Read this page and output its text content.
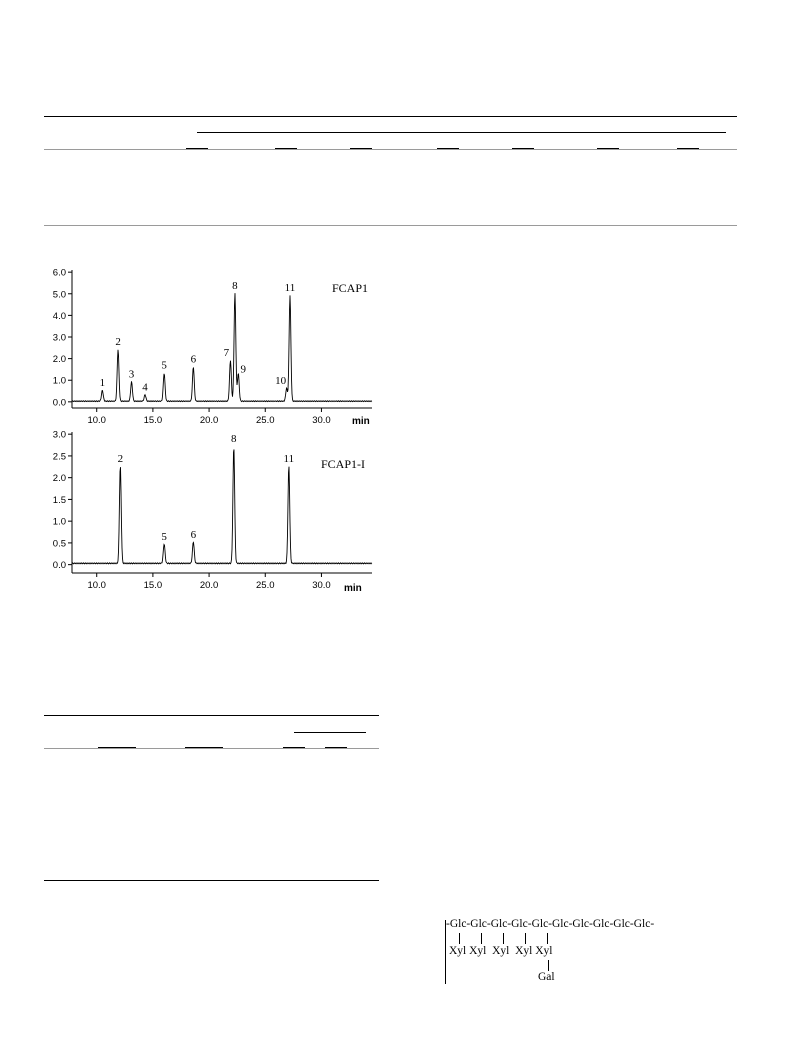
6.0
5.0
4.0
3.0
2.0
1.0
0.0
10.0	15.0	20.0	25.0	30.0
1
2
3
4
5
6
7
8
9
10
11	FCAP1
min
3.0
2.5
2.0
1.5
1.0
0.5
0.0
10.0	15.0	20.0	25.0	30.0
2
5 6
8
11 FCAP1-I
min
-Glc-Glc-Glc-Glc-Glc-Glc-Glc-Glc-Glc-Glc-
Xyl Xyl  Xyl  Xyl Xyl
Gal
